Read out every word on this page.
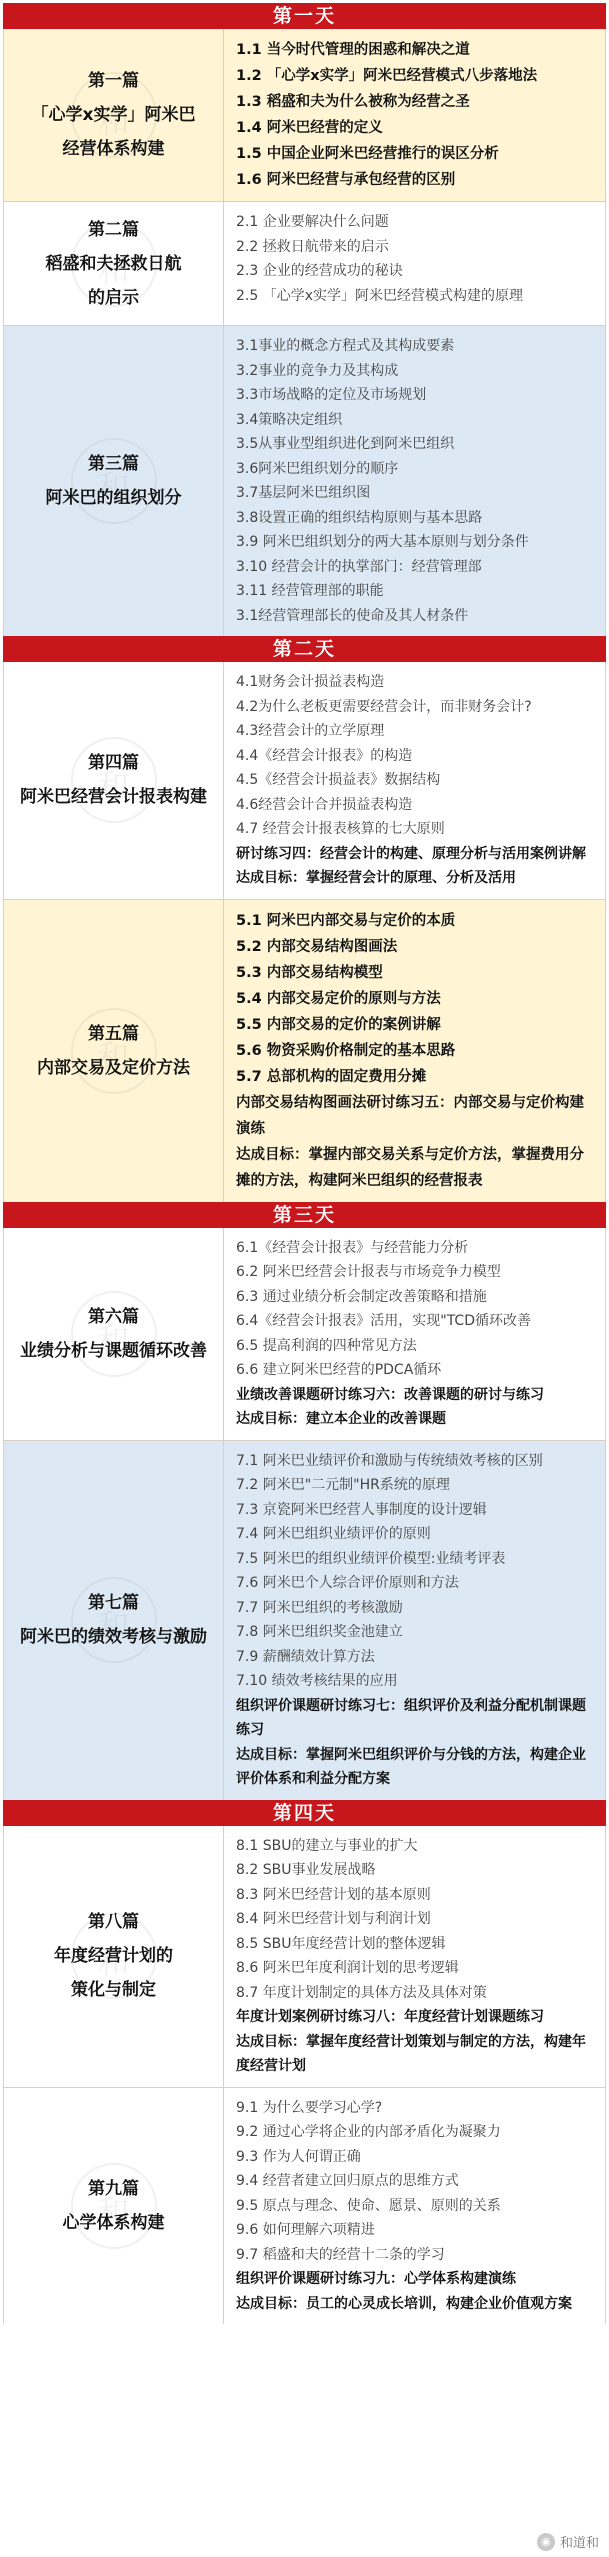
第一天
和
第一篇
「心学x实学」阿米巴
经营体系构建
1.1 当今时代管理的困惑和解决之道
1.2 「心学x实学」阿米巴经营模式八步落地法
1.3 稻盛和夫为什么被称为经营之圣
1.4 阿米巴经营的定义
1.5 中国企业阿米巴经营推行的误区分析
1.6 阿米巴经营与承包经营的区别
和
第二篇
稻盛和夫拯救日航
的启示
2.1 企业要解决什么问题
2.2 拯救日航带来的启示
2.3 企业的经营成功的秘诀
2.5 「心学x实学」阿米巴经营模式构建的原理
和
第三篇
阿米巴的组织划分
3.1事业的概念方程式及其构成要素
3.2事业的竞争力及其构成
3.3市场战略的定位及市场规划
3.4策略决定组织
3.5从事业型组织进化到阿米巴组织
3.6阿米巴组织划分的顺序
3.7基层阿米巴组织图
3.8设置正确的组织结构原则与基本思路
3.9 阿米巴组织划分的两大基本原则与划分条件
3.10 经营会计的执掌部门：经营管理部
3.11 经营管理部的职能
3.1经营管理部长的使命及其人材条件
第二天
和
第四篇
阿米巴经营会计报表构建
4.1财务会计损益表构造
4.2为什么老板更需要经营会计，而非财务会计?
4.3经营会计的立学原理
4.4《经营会计报表》的构造
4.5《经营会计损益表》数据结构
4.6经营会计合并损益表构造
4.7 经营会计报表核算的七大原则
研讨练习四：经营会计的构建、原理分析与活用案例讲解
达成目标：掌握经营会计的原理、分析及活用
和
第五篇
内部交易及定价方法
5.1 阿米巴内部交易与定价的本质
5.2 内部交易结构图画法
5.3 内部交易结构模型
5.4 内部交易定价的原则与方法
5.5 内部交易的定价的案例讲解
5.6 物资采购价格制定的基本思路
5.7 总部机构的固定费用分摊
内部交易结构图画法研讨练习五：内部交易与定价构建演练
达成目标：掌握内部交易关系与定价方法，掌握费用分摊的方法，构建阿米巴组织的经营报表
第三天
和
第六篇
业绩分析与课题循环改善
6.1《经营会计报表》与经营能力分析
6.2 阿米巴经营会计报表与市场竞争力模型
6.3 通过业绩分析会制定改善策略和措施
6.4《经营会计报表》活用，实现"TCD循环改善
6.5 提高利润的四种常见方法
6.6 建立阿米巴经营的PDCA循环
业绩改善课题研讨练习六：改善课题的研讨与练习
达成目标：建立本企业的改善课题
和
第七篇
阿米巴的绩效考核与激励
7.1 阿米巴业绩评价和激励与传统绩效考核的区别
7.2 阿米巴"二元制"HR系统的原理
7.3 京瓷阿米巴经营人事制度的设计逻辑
7.4 阿米巴组织业绩评价的原则
7.5 阿米巴的组织业绩评价模型:业绩考评表
7.6 阿米巴个人综合评价原则和方法
7.7 阿米巴组织的考核激励
7.8 阿米巴组织奖金池建立
7.9 薪酬绩效计算方法
7.10 绩效考核结果的应用
组织评价课题研讨练习七：组织评价及利益分配机制课题练习
达成目标：掌握阿米巴组织评价与分钱的方法，构建企业评价体系和利益分配方案
第四天
和
第八篇
年度经营计划的
策化与制定
8.1 SBU的建立与事业的扩大
8.2 SBU事业发展战略
8.3 阿米巴经营计划的基本原则
8.4 阿米巴经营计划与利润计划
8.5 SBU年度经营计划的整体逻辑
8.6 阿米巴年度利润计划的思考逻辑
8.7 年度计划制定的具体方法及具体对策
年度计划案例研讨练习八：年度经营计划课题练习
达成目标：掌握年度经营计划策划与制定的方法，构建年度经营计划
和
第九篇
心学体系构建
9.1 为什么要学习心学?
9.2 通过心学将企业的内部矛盾化为凝聚力
9.3 作为人何谓正确
9.4 经营者建立回归原点的思维方式
9.5 原点与理念、使命、愿景、原则的关系
9.6 如何理解六项精进
9.7 稻盛和夫的经营十二条的学习
组织评价课题研讨练习九：心学体系构建演练
达成目标：员工的心灵成长培训，构建企业价值观方案
◉ 和道和
